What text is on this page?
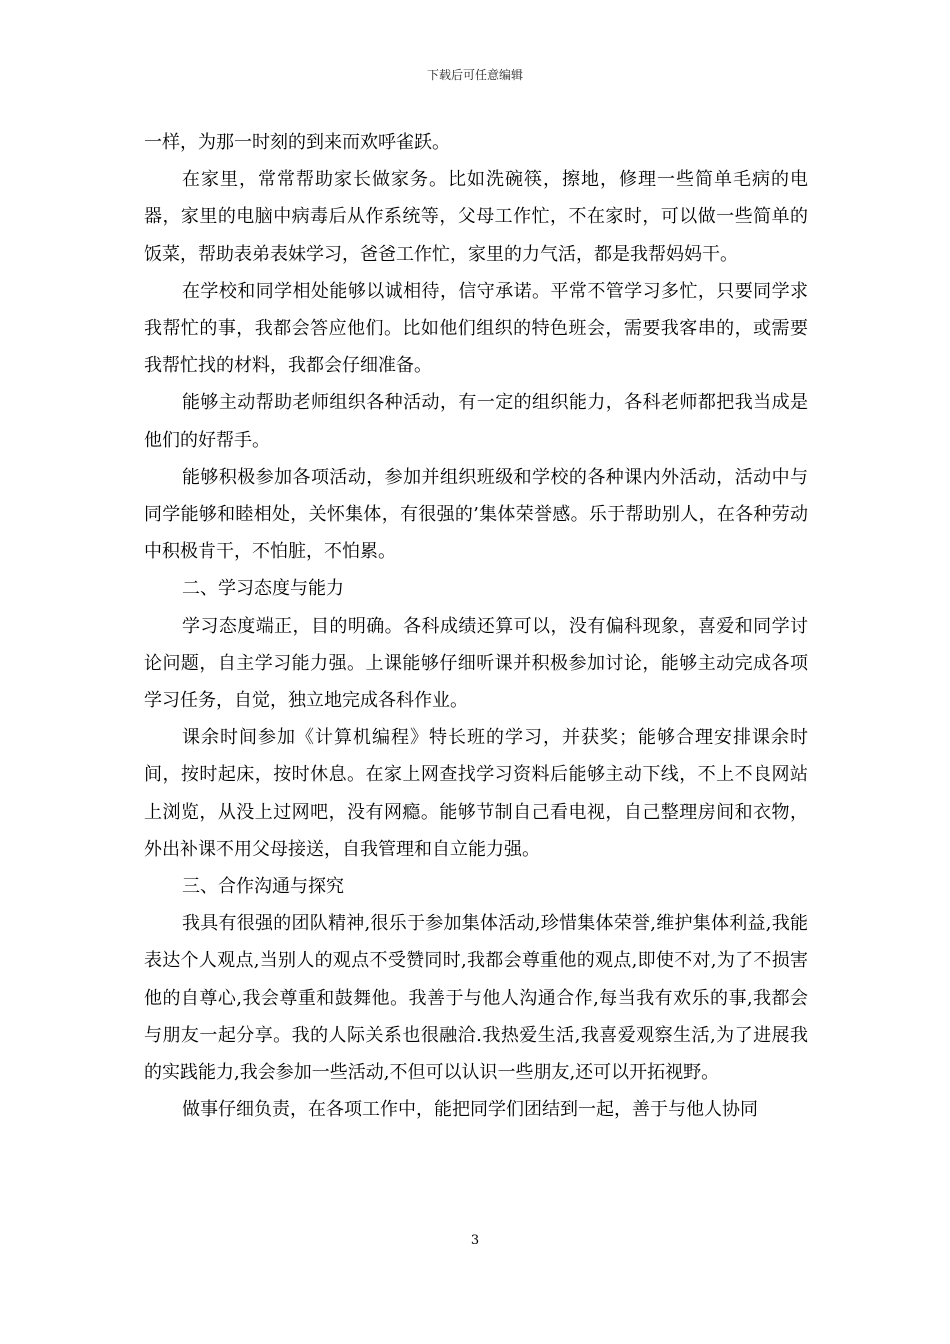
下载后可任意编辑

一样，为那一时刻的到来而欢呼雀跃。

在家里，常常帮助家长做家务。比如洗碗筷，擦地，修理一些简单毛病的电器，家里的电脑中病毒后从作系统等，父母工作忙，不在家时，可以做一些简单的饭菜，帮助表弟表妹学习，爸爸工作忙，家里的力气活，都是我帮妈妈干。

在学校和同学相处能够以诚相待，信守承诺。平常不管学习多忙，只要同学求我帮忙的事，我都会答应他们。比如他们组织的特色班会，需要我客串的，或需要我帮忙找的材料，我都会仔细准备。

能够主动帮助老师组织各种活动，有一定的组织能力，各科老师都把我当成是他们的好帮手。

能够积极参加各项活动，参加并组织班级和学校的各种课内外活动，活动中与同学能够和睦相处，关怀集体，有很强的’集体荣誉感。乐于帮助别人，在各种劳动中积极肯干，不怕脏，不怕累。

二、学习态度与能力

学习态度端正，目的明确。各科成绩还算可以，没有偏科现象，喜爱和同学讨论问题，自主学习能力强。上课能够仔细听课并积极参加讨论，能够主动完成各项学习任务，自觉，独立地完成各科作业。

课余时间参加《计算机编程》特长班的学习，并获奖；能够合理安排课余时间，按时起床，按时休息。在家上网查找学习资料后能够主动下线，不上不良网站上浏览，从没上过网吧，没有网瘾。能够节制自己看电视，自己整理房间和衣物，外出补课不用父母接送，自我管理和自立能力强。

三、合作沟通与探究

我具有很强的团队精神,很乐于参加集体活动,珍惜集体荣誉,维护集体利益,我能表达个人观点,当别人的观点不受赞同时,我都会尊重他的观点,即使不对,为了不损害他的自尊心,我会尊重和鼓舞他。我善于与他人沟通合作,每当我有欢乐的事,我都会与朋友一起分享。我的人际关系也很融洽.我热爱生活,我喜爱观察生活,为了进展我的实践能力,我会参加一些活动,不但可以认识一些朋友,还可以开拓视野。

做事仔细负责，在各项工作中，能把同学们团结到一起，善于与他人协同

3
